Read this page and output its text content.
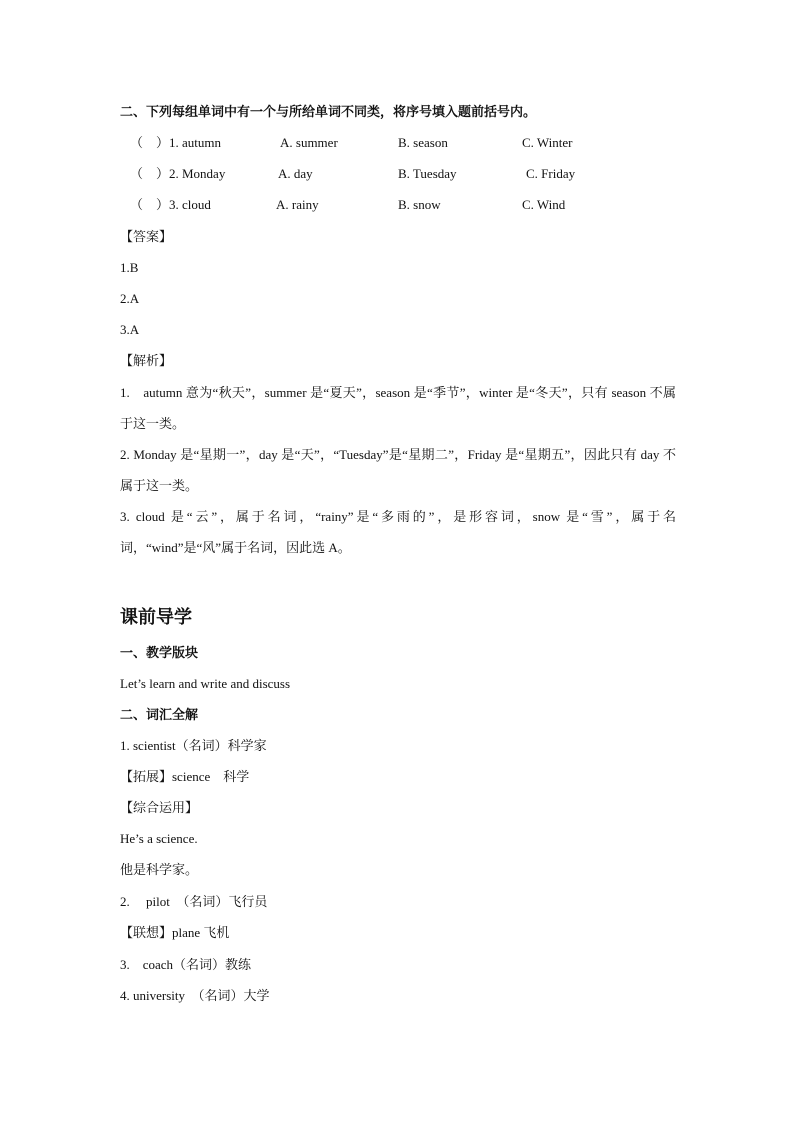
二、下列每组单词中有一个与所给单词不同类，将序号填入题前括号内。
（　）1. autumn	A. summer	B. season	C. Winter
（　）2. Monday	A. day	B. Tuesday	C. Friday
（　）3. cloud	A. rainy	B. snow	C. Wind
【答案】
1.B
2.A
3.A
【解析】
1.　autumn 意为“秋天”，summer 是“夏天”，season 是“季节”，winter 是“冬天”，只有 season 不属于这一类。
2. Monday 是“星期一”，day 是“天”，“Tuesday”是“星期二”，Friday 是“星期五”，因此只有 day 不属于这一类。
3. cloud 是“云”，属于名词，“rainy”是“多雨的”，是形容词，snow 是“雪”，属于名词，“wind”是“风”属于名词，因此选 A。
课前导学
一、教学版块
Let’s learn and write and discuss
二、词汇全解
1. scientist（名词）科学家
【拓展】science　科学
【综合运用】
He’s a science.
他是科学家。
2.　 pilot　（名词）飞行员
【联想】plane 飞机
3.　coach（名词）教练
4. university　（名词）大学
